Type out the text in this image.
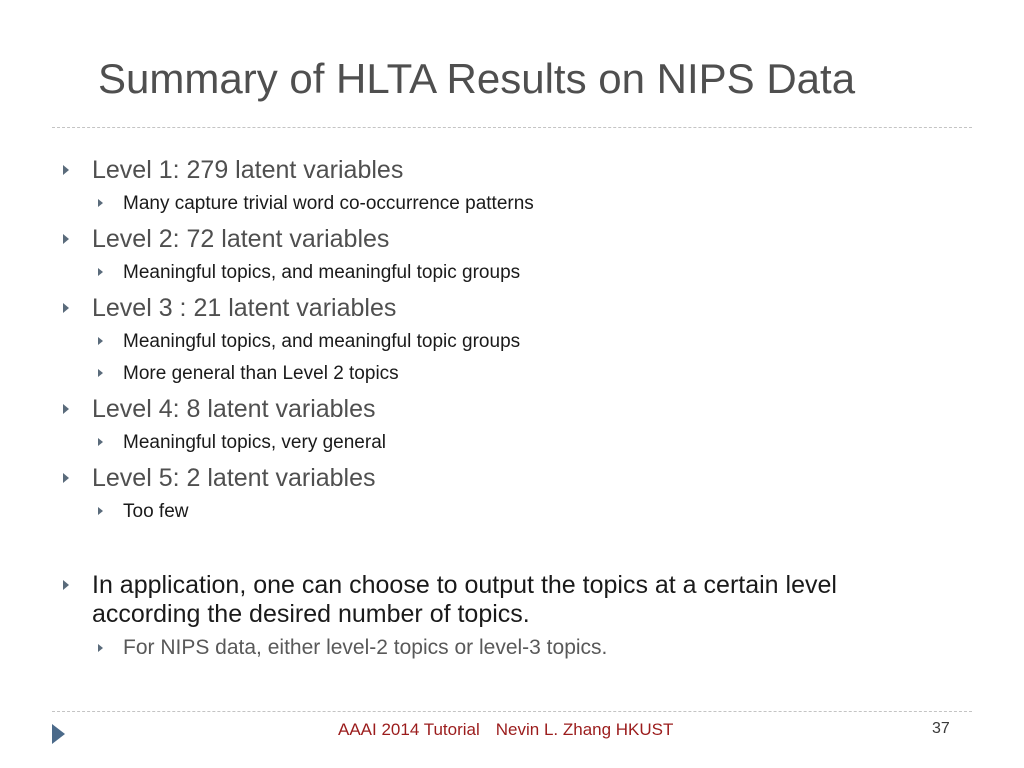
Summary of HLTA Results on NIPS Data
Level 1: 279 latent variables
Many capture trivial word co-occurrence patterns
Level 2: 72 latent variables
Meaningful topics, and meaningful topic groups
Level 3 : 21 latent variables
Meaningful topics, and meaningful topic groups
More general than Level 2 topics
Level 4: 8 latent variables
Meaningful topics, very general
Level 5: 2 latent variables
Too few
In application, one can choose to output the topics at a certain level
according the desired number of topics.
For NIPS data, either level-2 topics or level-3 topics.
AAAI 2014 Tutorial Nevin L. Zhang HKUST	37
